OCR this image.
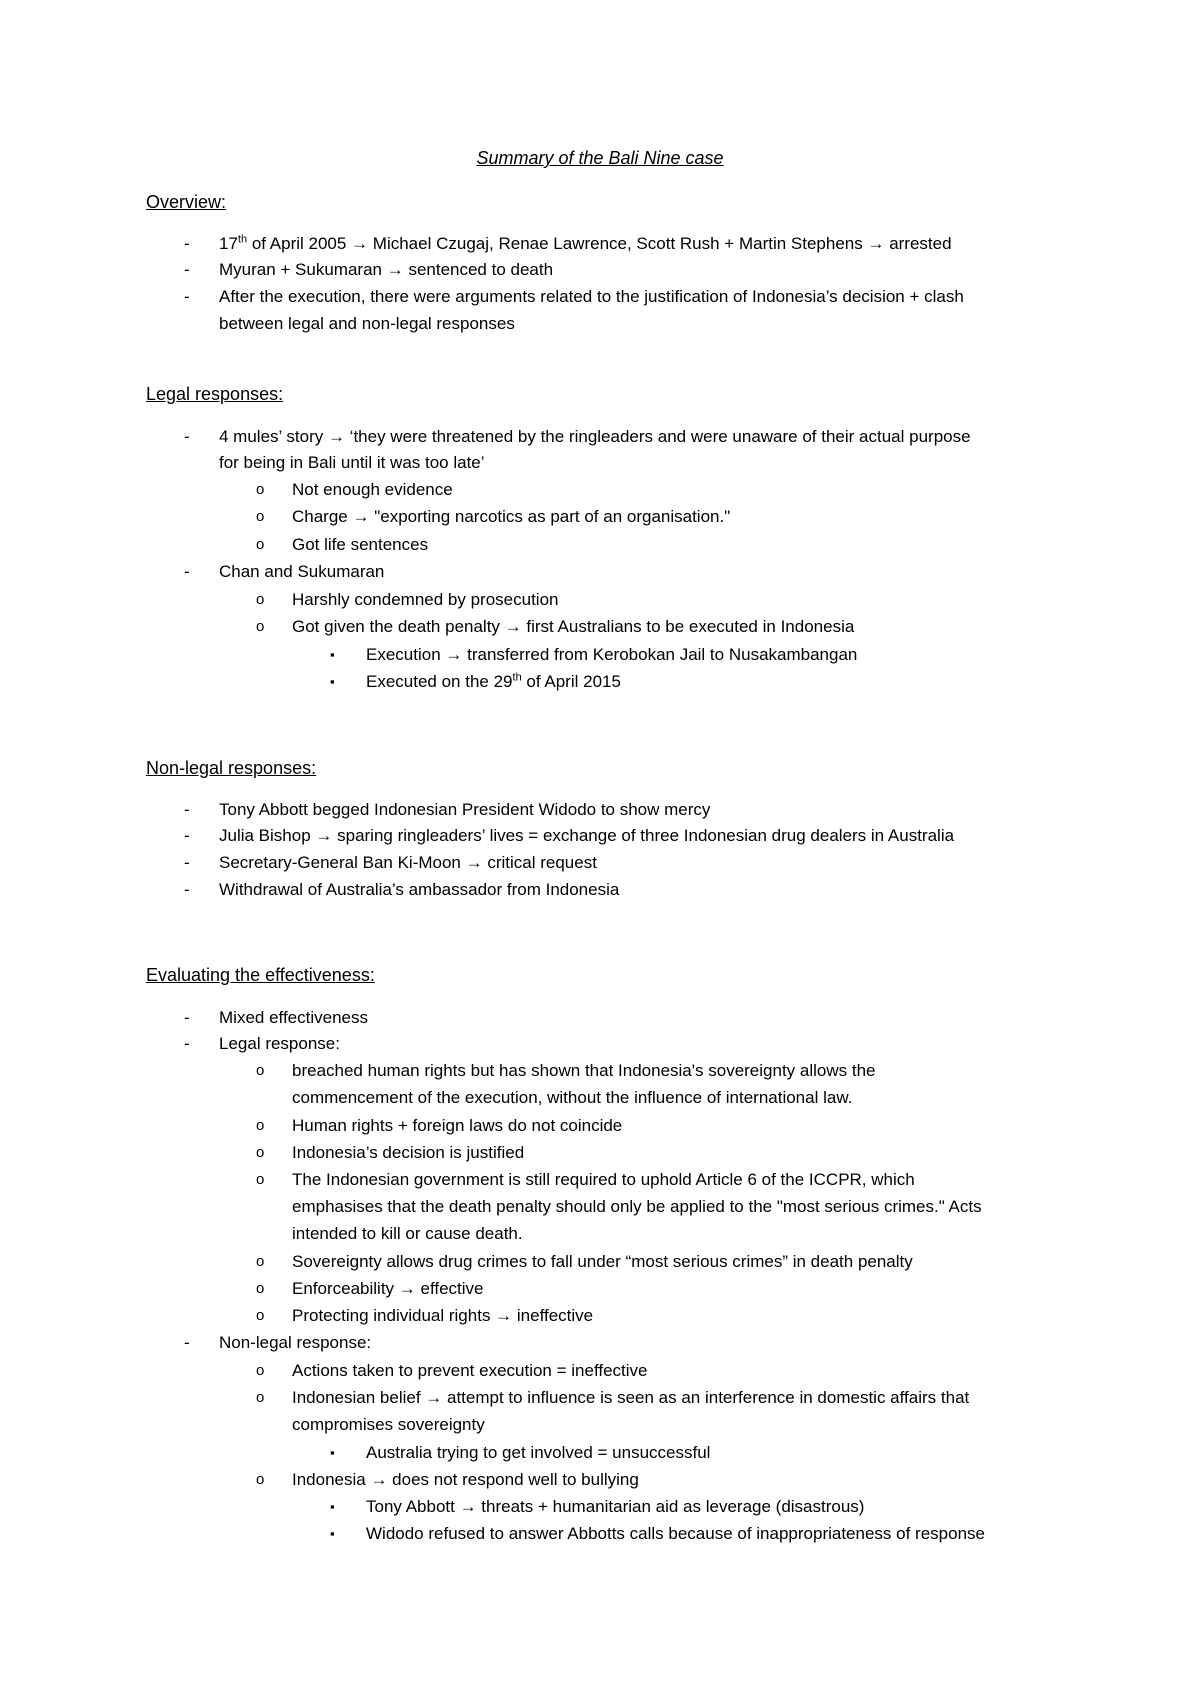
Summary of the Bali Nine case
Overview:
- 17th of April 2005 → Michael Czugaj, Renae Lawrence, Scott Rush + Martin Stephens → arrested
- Myuran + Sukumaran → sentenced to death
- After the execution, there were arguments related to the justification of Indonesia’s decision + clash
between legal and non-legal responses
Legal responses:
- 4 mules’ story → ‘they were threatened by the ringleaders and were unaware of their actual purpose
for being in Bali until it was too late’
o Not enough evidence
o Charge → "exporting narcotics as part of an organisation."
o Got life sentences
- Chan and Sukumaran
o Harshly condemned by prosecution
o Got given the death penalty → first Australians to be executed in Indonesia
▪ Execution → transferred from Kerobokan Jail to Nusakambangan
▪ Executed on the 29th of April 2015
Non-legal responses:
- Tony Abbott begged Indonesian President Widodo to show mercy
- Julia Bishop → sparing ringleaders’ lives = exchange of three Indonesian drug dealers in Australia
- Secretary-General Ban Ki-Moon → critical request
- Withdrawal of Australia’s ambassador from Indonesia
Evaluating the effectiveness:
- Mixed effectiveness
- Legal response:
o breached human rights but has shown that Indonesia's sovereignty allows the
commencement of the execution, without the influence of international law.
o Human rights + foreign laws do not coincide
o Indonesia’s decision is justified
o The Indonesian government is still required to uphold Article 6 of the ICCPR, which
emphasises that the death penalty should only be applied to the "most serious crimes." Acts
intended to kill or cause death.
o Sovereignty allows drug crimes to fall under “most serious crimes” in death penalty
o Enforceability → effective
o Protecting individual rights → ineffective
- Non-legal response:
o Actions taken to prevent execution = ineffective
o Indonesian belief → attempt to influence is seen as an interference in domestic affairs that
compromises sovereignty
▪ Australia trying to get involved = unsuccessful
o Indonesia → does not respond well to bullying
▪ Tony Abbott → threats + humanitarian aid as leverage (disastrous)
▪ Widodo refused to answer Abbotts calls because of inappropriateness of response
